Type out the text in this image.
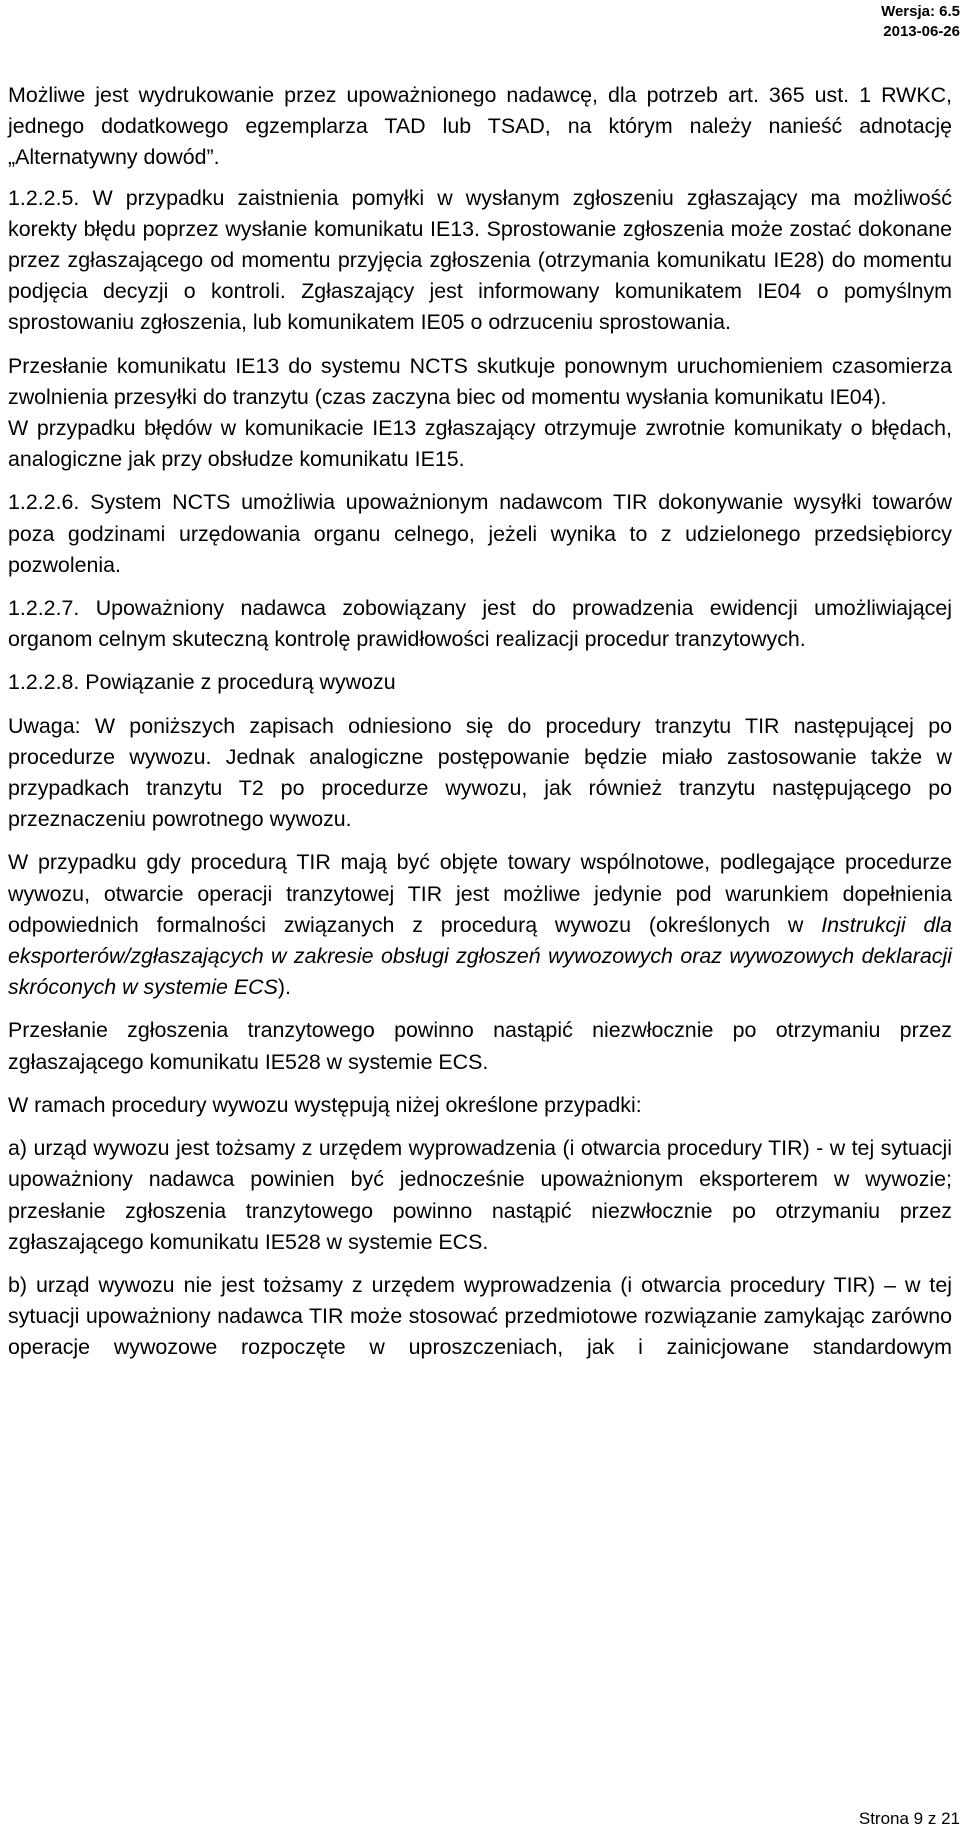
Wersja: 6.5
2013-06-26

Możliwe jest wydrukowanie przez upoważnionego nadawcę, dla potrzeb art. 365 ust. 1 RWKC, jednego dodatkowego egzemplarza TAD lub TSAD, na którym należy nanieść adnotację „Alternatywny dowód”.

1.2.2.5. W przypadku zaistnienia pomyłki w wysłanym zgłoszeniu zgłaszający ma możliwość korekty błędu poprzez wysłanie komunikatu IE13. Sprostowanie zgłoszenia może zostać dokonane przez zgłaszającego od momentu przyjęcia zgłoszenia (otrzymania komunikatu IE28) do momentu podjęcia decyzji o kontroli. Zgłaszający jest informowany komunikatem IE04 o pomyślnym sprostowaniu zgłoszenia, lub komunikatem IE05 o odrzuceniu sprostowania.

Przesłanie komunikatu IE13 do systemu NCTS skutkuje ponownym uruchomieniem czasomierza zwolnienia przesyłki do tranzytu (czas zaczyna biec od momentu wysłania komunikatu IE04).

W przypadku błędów w komunikacie IE13 zgłaszający otrzymuje zwrotnie komunikaty o błędach, analogiczne jak przy obsłudze komunikatu IE15.

1.2.2.6. System NCTS umożliwia upoważnionym nadawcom TIR dokonywanie wysyłki towarów poza godzinami urzędowania organu celnego, jeżeli wynika to z udzielonego przedsiębiorcy pozwolenia.

1.2.2.7. Upoważniony nadawca zobowiązany jest do prowadzenia ewidencji umożliwiającej organom celnym skuteczną kontrolę prawidłowości realizacji procedur tranzytowych.

1.2.2.8. Powiązanie z procedurą wywozu

Uwaga: W poniższych zapisach odniesiono się do procedury tranzytu TIR następującej po procedurze wywozu. Jednak analogiczne postępowanie będzie miało zastosowanie także w przypadkach tranzytu T2 po procedurze wywozu, jak również tranzytu następującego po przeznaczeniu powrotnego wywozu.

W przypadku gdy procedurą TIR mają być objęte towary wspólnotowe, podlegające procedurze wywozu, otwarcie operacji tranzytowej TIR jest możliwe jedynie pod warunkiem dopełnienia odpowiednich formalności związanych z procedurą wywozu (określonych w Instrukcji dla eksporterów/zgłaszających w zakresie obsługi zgłoszeń wywozowych oraz wywozowych deklaracji skróconych w systemie ECS).

Przesłanie zgłoszenia tranzytowego powinno nastąpić niezwłocznie po otrzymaniu przez zgłaszającego komunikatu IE528 w systemie ECS.

W ramach procedury wywozu występują niżej określone przypadki:

a) urząd wywozu jest tożsamy z urzędem wyprowadzenia (i otwarcia procedury TIR) - w tej sytuacji upoważniony nadawca powinien być jednocześnie upoważnionym eksporterem w wywozie; przesłanie zgłoszenia tranzytowego powinno nastąpić niezwłocznie po otrzymaniu przez zgłaszającego komunikatu IE528 w systemie ECS.

b) urząd wywozu nie jest tożsamy z urzędem wyprowadzenia (i otwarcia procedury TIR) – w tej sytuacji upoważniony nadawca TIR może stosować przedmiotowe rozwiązanie zamykając zarówno operacje wywozowe rozpoczęte w uproszczeniach, jak i zainicjowane standardowym

Strona 9 z 21
